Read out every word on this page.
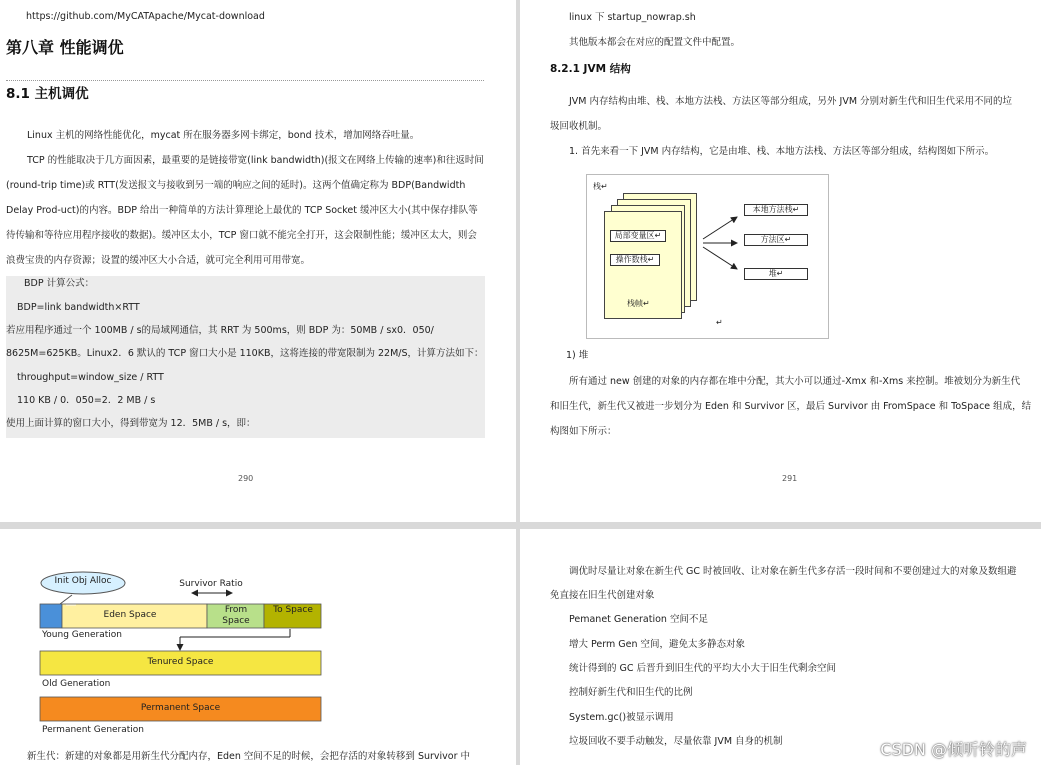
https://github.com/MyCATApache/Mycat-download
第八章 性能调优
8.1 主机调优
Linux 主机的网络性能优化，mycat 所在服务器多网卡绑定，bond 技术，增加网络吞吐量。
TCP 的性能取决于几方面因素，最重要的是链接带宽(link bandwidth)(报文在网络上传输的速率)和往返时间
(round-trip time)或 RTT(发送报文与接收到另一端的响应之间的延时)。这两个值确定称为 BDP(Bandwidth
Delay Prod-uct)的内容。BDP 给出一种简单的方法计算理论上最优的 TCP Socket 缓冲区大小(其中保存排队等
待传输和等待应用程序接收的数据)。缓冲区太小，TCP 窗口就不能完全打开，这会限制性能；缓冲区太大，则会
浪费宝贵的内存资源；设置的缓冲区大小合适，就可完全利用可用带宽。
BDP 计算公式：
BDP=link bandwidth×RTT
若应用程序通过一个 100MB / s的局域网通信，其 RRT 为 500ms，则 BDP 为：50MB / sx0．050/
8625M=625KB。Linux2．6 默认的 TCP 窗口大小是 110KB，这将连接的带宽限制为 22M/S，计算方法如下：
throughput=window_size / RTT
110 KB / 0．050=2．2 MB / s
使用上面计算的窗口大小，得到带宽为 12．5MB / s，即：
290
linux 下 startup_nowrap.sh
其他版本都会在对应的配置文件中配置。
8.2.1 JVM 结构
JVM 内存结构由堆、栈、本地方法栈、方法区等部分组成，另外 JVM 分别对新生代和旧生代采用不同的垃
圾回收机制。
1. 首先来看一下 JVM 内存结构，它是由堆、栈、本地方法栈、方法区等部分组成，结构图如下所示。
栈↵
局部变量区↵
操作数栈↵
栈帧↵
本地方法栈↵
方法区↵
堆↵
↵
1) 堆
所有通过 new 创建的对象的内存都在堆中分配，其大小可以通过-Xmx 和-Xms 来控制。堆被划分为新生代
和旧生代，新生代又被进一步划分为 Eden 和 Survivor 区，最后 Survivor 由 FromSpace 和 ToSpace 组成，结
构图如下所示：
291
Init Obj Alloc	Survivor Ratio
Eden Space	From Space
To Space
Young Generation
Tenured Space
Old Generation
Permanent Space
Permanent Generation
新生代：新建的对象都是用新生代分配内存，Eden 空间不足的时候，会把存活的对象转移到 Survivor 中
调优时尽量让对象在新生代 GC 时被回收、让对象在新生代多存活一段时间和不要创建过大的对象及数组避
免直接在旧生代创建对象
Pemanet Generation 空间不足
增大 Perm Gen 空间，避免太多静态对象
统计得到的 GC 后晋升到旧生代的平均大小大于旧生代剩余空间
控制好新生代和旧生代的比例
System.gc()被显示调用
垃圾回收不要手动触发，尽量依靠 JVM 自身的机制	CSDN @倾听铃的声
